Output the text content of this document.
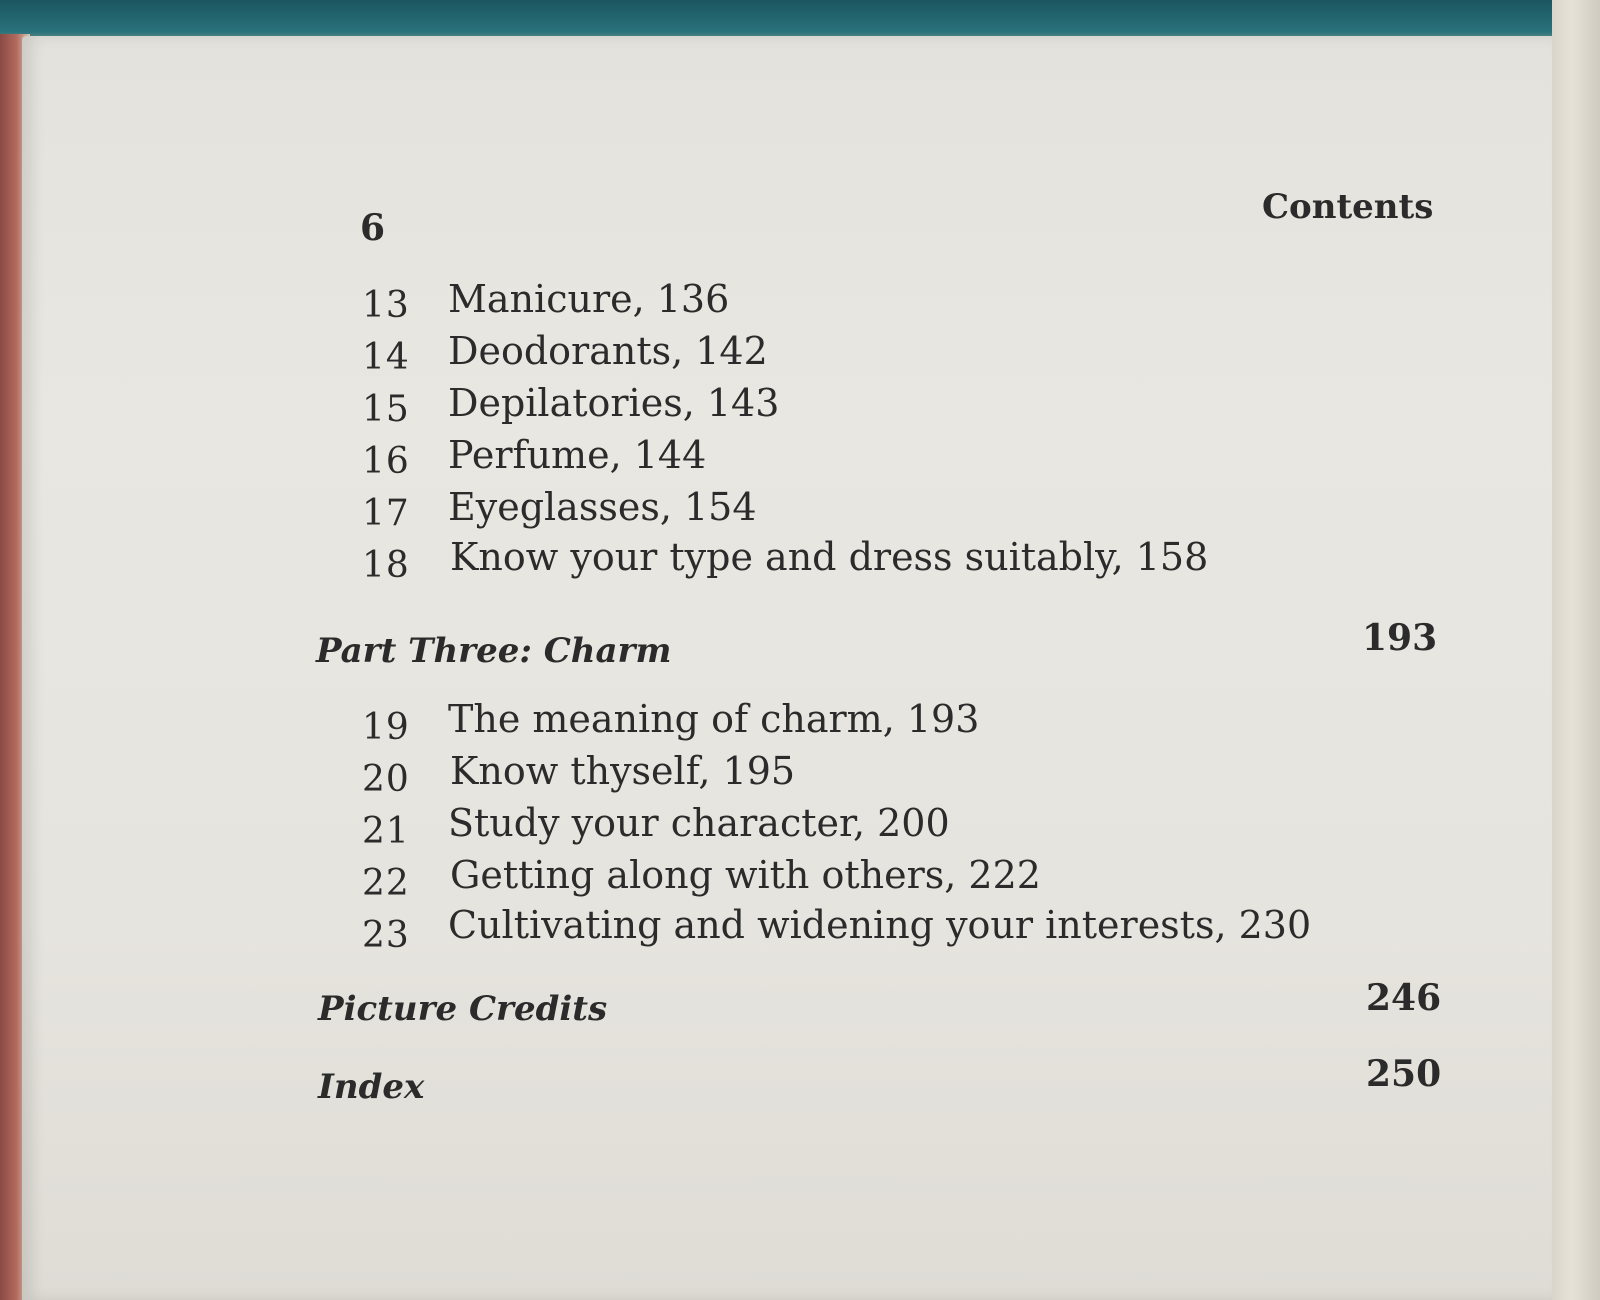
6	Contents
13 Manicure, 136
14 Deodorants, 142
15 Depilatories, 143
16 Perfume, 144
17 Eyeglasses, 154
18 Know your type and dress suitably, 158
Part Three: Charm	193
19 The meaning of charm, 193
20 Know thyself, 195
21 Study your character, 200
22 Getting along with others, 222
23 Cultivating and widening your interests, 230
Picture Credits	246
Index	250
